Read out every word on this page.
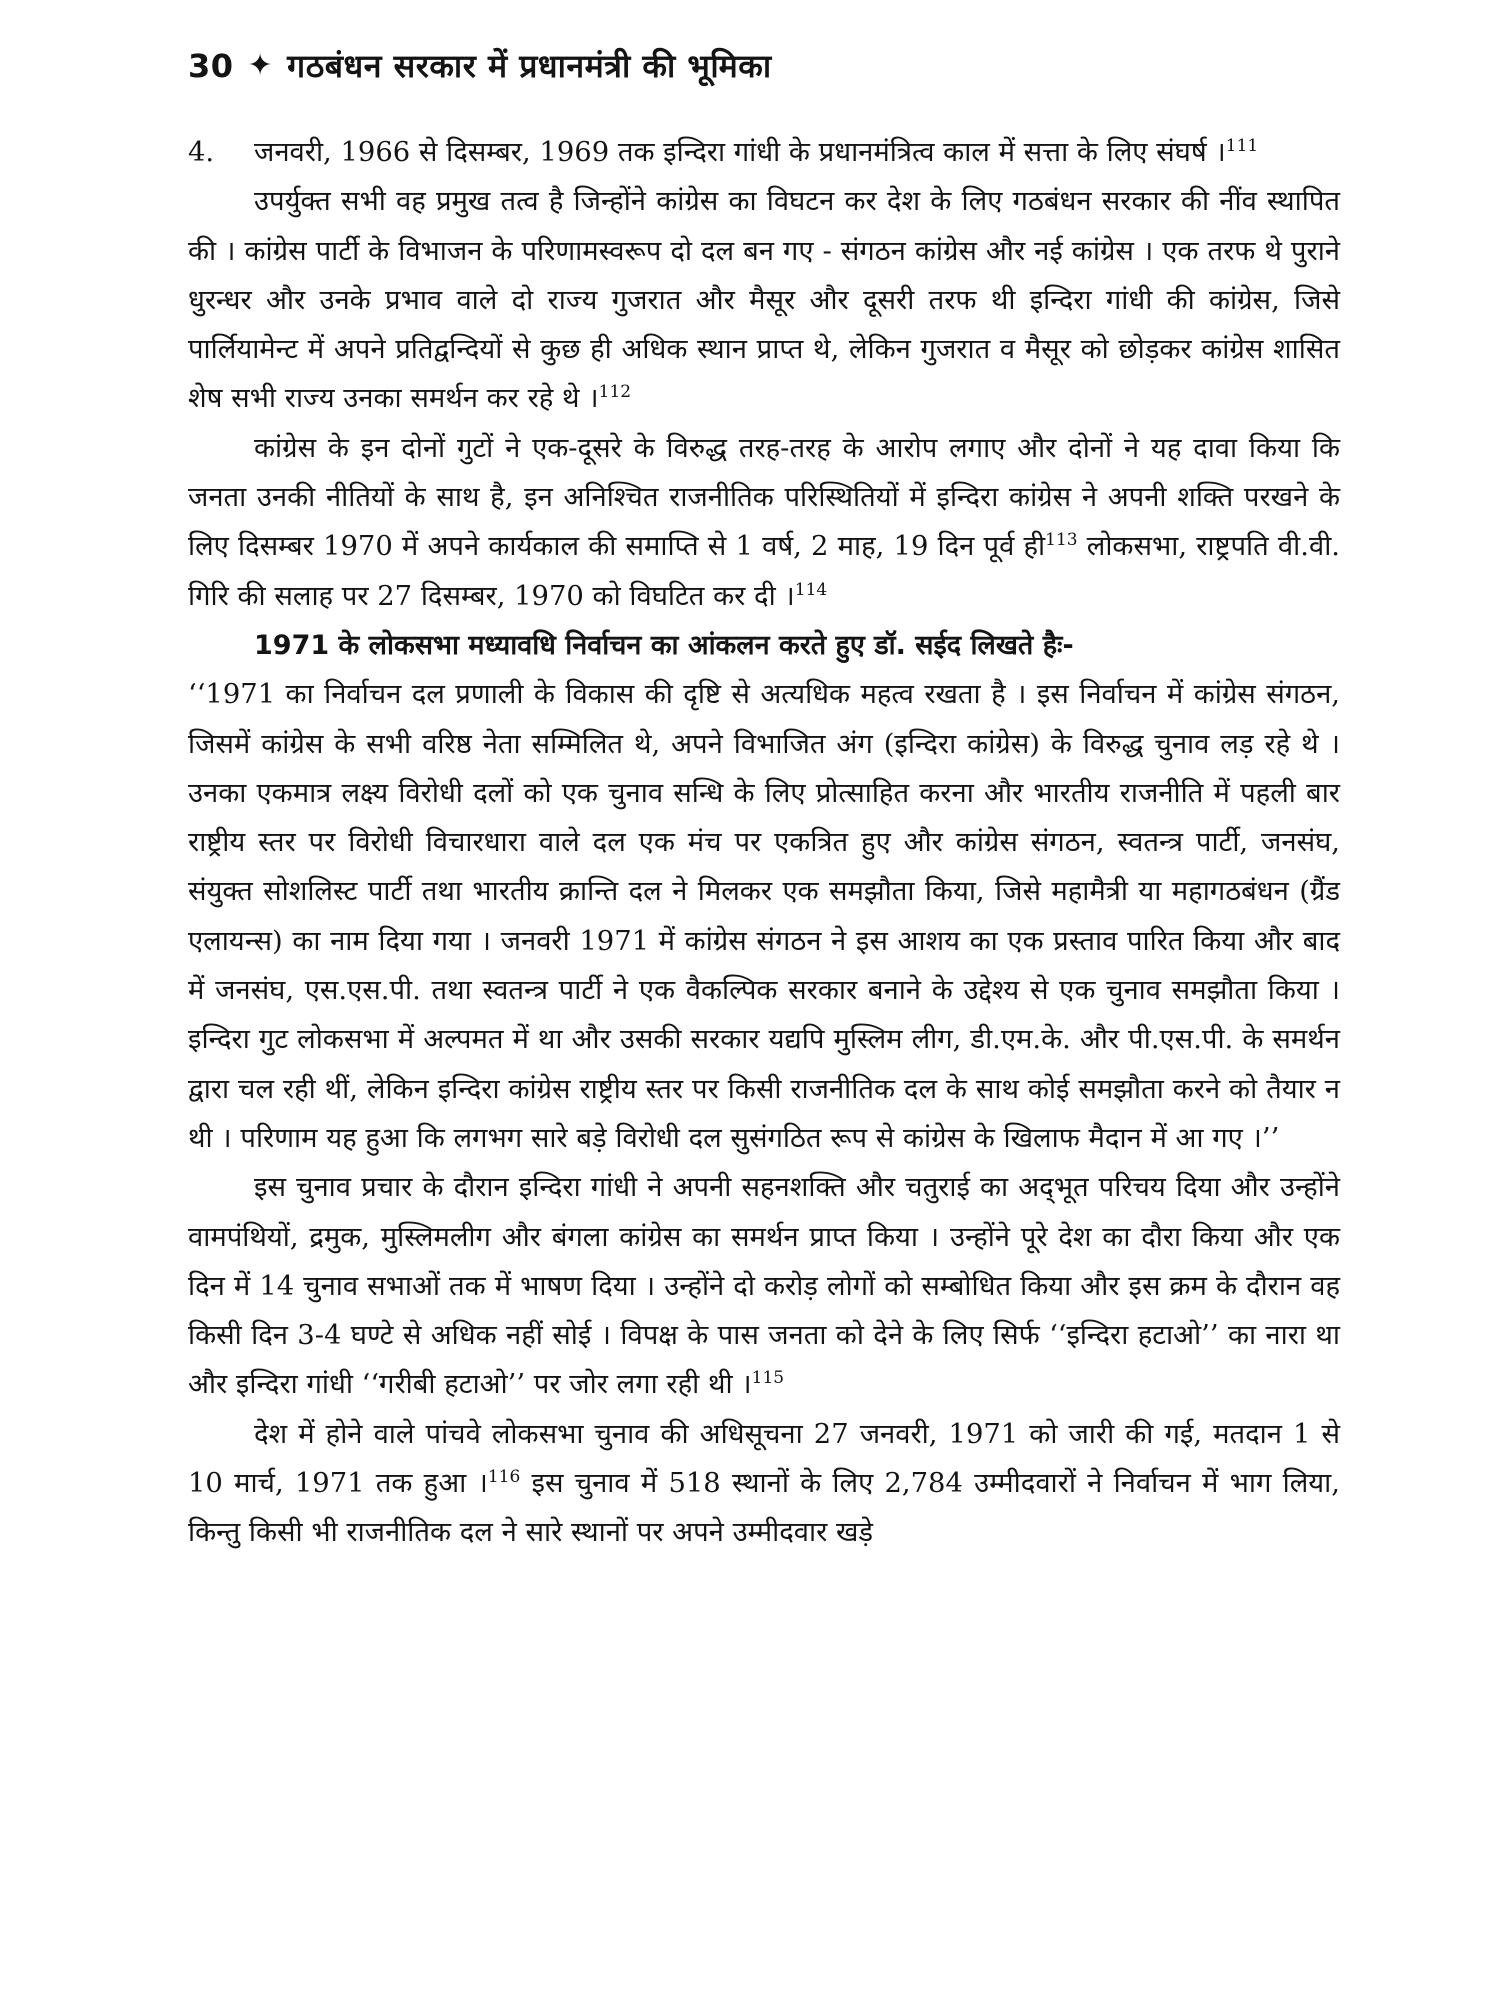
30 ✦ गठबंधन सरकार में प्रधानमंत्री की भूमिका
4.	जनवरी, 1966 से दिसम्बर, 1969 तक इन्दिरा गांधी के प्रधानमंत्रित्व काल में सत्ता के लिए संघर्ष ।$^{111}$

उपर्युक्त सभी वह प्रमुख तत्व है जिन्होंने कांग्रेस का विघटन कर देश के लिए गठबंधन सरकार की नींव स्थापित की । कांग्रेस पार्टी के विभाजन के परिणामस्वरूप दो दल बन गए - संगठन कांग्रेस और नई कांग्रेस । एक तरफ थे पुराने धुरन्धर और उनके प्रभाव वाले दो राज्य गुजरात और मैसूर और दूसरी तरफ थी इन्दिरा गांधी की कांग्रेस, जिसे पार्लियामेन्ट में अपने प्रतिद्वन्दियों से कुछ ही अधिक स्थान प्राप्त थे, लेकिन गुजरात व मैसूर को छोड़कर कांग्रेस शासित शेष सभी राज्य उनका समर्थन कर रहे थे ।$^{112}$

कांग्रेस के इन दोनों गुटों ने एक-दूसरे के विरुद्ध तरह-तरह के आरोप लगाए और दोनों ने यह दावा किया कि जनता उनकी नीतियों के साथ है, इन अनिश्चित राजनीतिक परिस्थितियों में इन्दिरा कांग्रेस ने अपनी शक्ति परखने के लिए दिसम्बर 1970 में अपने कार्यकाल की समाप्ति से 1 वर्ष, 2 माह, 19 दिन पूर्व ही$^{113}$ लोकसभा, राष्ट्रपति वी.वी. गिरि की सलाह पर 27 दिसम्बर, 1970 को विघटित कर दी ।$^{114}$

1971 के लोकसभा मध्यावधि निर्वाचन का आंकलन करते हुए डॉ. सईद लिखते हैः-

‘‘1971 का निर्वाचन दल प्रणाली के विकास की दृष्टि से अत्यधिक महत्व रखता है । इस निर्वाचन में कांग्रेस संगठन, जिसमें कांग्रेस के सभी वरिष्ठ नेता सम्मिलित थे, अपने विभाजित अंग (इन्दिरा कांग्रेस) के विरुद्ध चुनाव लड़ रहे थे । उनका एकमात्र लक्ष्य विरोधी दलों को एक चुनाव सन्धि के लिए प्रोत्साहित करना और भारतीय राजनीति में पहली बार राष्ट्रीय स्तर पर विरोधी विचारधारा वाले दल एक मंच पर एकत्रित हुए और कांग्रेस संगठन, स्वतन्त्र पार्टी, जनसंघ, संयुक्त सोशलिस्ट पार्टी तथा भारतीय क्रान्ति दल ने मिलकर एक समझौता किया, जिसे महामैत्री या महागठबंधन (ग्रैंड एलायन्स) का नाम दिया गया । जनवरी 1971 में कांग्रेस संगठन ने इस आशय का एक प्रस्ताव पारित किया और बाद में जनसंघ, एस.एस.पी. तथा स्वतन्त्र पार्टी ने एक वैकल्पिक सरकार बनाने के उद्देश्य से एक चुनाव समझौता किया । इन्दिरा गुट लोकसभा में अल्पमत में था और उसकी सरकार यद्यपि मुस्लिम लीग, डी.एम.के. और पी.एस.पी. के समर्थन द्वारा चल रही थीं, लेकिन इन्दिरा कांग्रेस राष्ट्रीय स्तर पर किसी राजनीतिक दल के साथ कोई समझौता करने को तैयार न थी । परिणाम यह हुआ कि लगभग सारे बड़े विरोधी दल सुसंगठित रूप से कांग्रेस के खिलाफ मैदान में आ गए ।’’

इस चुनाव प्रचार के दौरान इन्दिरा गांधी ने अपनी सहनशक्ति और चतुराई का अद्‌भूत परिचय दिया और उन्होंने वामपंथियों, द्रमुक, मुस्लिमलीग और बंगला कांग्रेस का समर्थन प्राप्त किया । उन्होंने पूरे देश का दौरा किया और एक दिन में 14 चुनाव सभाओं तक में भाषण दिया । उन्होंने दो करोड़ लोगों को सम्बोधित किया और इस क्रम के दौरान वह किसी दिन 3-4 घण्टे से अधिक नहीं सोई । विपक्ष के पास जनता को देने के लिए सिर्फ ‘‘इन्दिरा हटाओ’’ का नारा था और इन्दिरा गांधी ‘‘गरीबी हटाओ’’ पर जोर लगा रही थी ।$^{115}$

देश में होने वाले पांचवे लोकसभा चुनाव की अधिसूचना 27 जनवरी, 1971 को जारी की गई, मतदान 1 से 10 मार्च, 1971 तक हुआ ।$^{116}$ इस चुनाव में 518 स्थानों के लिए 2,784 उम्मीदवारों ने निर्वाचन में भाग लिया, किन्तु किसी भी राजनीतिक दल ने सारे स्थानों पर अपने उम्मीदवार खड़े
